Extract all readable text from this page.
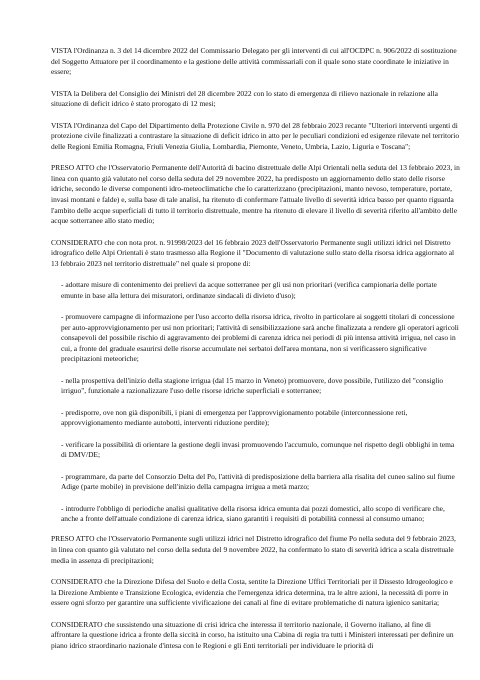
VISTA l'Ordinanza n. 3 del 14 dicembre 2022 del Commissario Delegato per gli interventi di cui all'OCDPC n. 906/2022 di sostituzione del Soggetto Attuatore per il coordinamento e la gestione delle attività commissariali con il quale sono state coordinate le iniziative in essere;

VISTA la Delibera del Consiglio dei Ministri del 28 dicembre 2022 con lo stato di emergenza di rilievo nazionale in relazione alla situazione di deficit idrico è stato prorogato di 12 mesi;

VISTA l'Ordinanza del Capo del Dipartimento della Protezione Civile n. 970 del 28 febbraio 2023 recante "Ulteriori interventi urgenti di protezione civile finalizzati a contrastare la situazione di deficit idrico in atto per le peculiari condizioni ed esigenze rilevate nel territorio delle Regioni Emilia Romagna, Friuli Venezia Giulia, Lombardia, Piemonte, Veneto, Umbria, Lazio, Liguria e Toscana";

PRESO ATTO che l'Osservatorio Permanente dell'Autorità di bacino distrettuale delle Alpi Orientali nella seduta del 13 febbraio 2023, in linea con quanto già valutato nel corso della seduta del 29 novembre 2022, ha predisposto un aggiornamento dello stato delle risorse idriche, secondo le diverse componenti idro-meteoclimatiche che lo caratterizzano (precipitazioni, manto nevoso, temperature, portate, invasi montani e falde) e, sulla base di tale analisi, ha ritenuto di confermare l'attuale livello di severità idrica basso per quanto riguarda l'ambito delle acque superficiali di tutto il territorio distrettuale, mentre ha ritenuto di elevare il livello di severità riferito all'ambito delle acque sotterranee allo stato medio;

CONSIDERATO che con nota prot. n. 91998/2023 del 16 febbraio 2023 dell'Osservatorio Permanente sugli utilizzi idrici nel Distretto idrografico delle Alpi Orientali è stato trasmesso alla Regione il "Documento di valutazione sullo stato della risorsa idrica aggiornato al 13 febbraio 2023 nel territorio distrettuale" nel quale si propone di:

- adottare misure di contenimento dei prelievi da acque sotterranee per gli usi non prioritari (verifica campionaria delle portate emunte in base alla lettura dei misuratori, ordinanze sindacali di divieto d'uso);

- promuovere campagne di informazione per l'uso accorto della risorsa idrica, rivolto in particolare ai soggetti titolari di concessione per auto-approvvigionamento per usi non prioritari; l'attività di sensibilizzazione sarà anche finalizzata a rendere gli operatori agricoli consapevoli del possibile rischio di aggravamento dei problemi di carenza idrica nei periodi di più intensa attività irrigua, nel caso in cui, a fronte del graduale esaurirsi delle risorse accumulate nei serbatoi dell'area montana, non si verificassero significative precipitazioni meteoriche;

- nella prospettiva dell'inizio della stagione irrigua (dal 15 marzo in Veneto) promuovere, dove possibile, l'utilizzo del "consiglio irriguo", funzionale a razionalizzare l'uso delle risorse idriche superficiali e sotterranee;

- predisporre, ove non già disponibili, i piani di emergenza per l'approvvigionamento potabile (interconnessione reti, approvvigionamento mediante autobotti, interventi riduzione perdite);

- verificare la possibilità di orientare la gestione degli invasi promuovendo l'accumulo, comunque nel rispetto degli obblighi in tema di DMV/DE;

- programmare, da parte del Consorzio Delta del Po, l'attività di predisposizione della barriera alla risalita del cuneo salino sul fiume Adige (parte mobile) in previsione dell'inizio della campagna irrigua a metà marzo;

- introdurre l'obbligo di periodiche analisi qualitative della risorsa idrica emunta dai pozzi domestici, allo scopo di verificare che, anche a fronte dell'attuale condizione di carenza idrica, siano garantiti i requisiti di potabilità connessi al consumo umano;

PRESO ATTO che l'Osservatorio Permanente sugli utilizzi idrici nel Distretto idrografico del fiume Po nella seduta del 9 febbraio 2023, in linea con quanto già valutato nel corso della seduta del 9 novembre 2022, ha confermato lo stato di severità idrica a scala distrettuale media in assenza di precipitazioni;

CONSIDERATO che la Direzione Difesa del Suolo e della Costa, sentite la Direzione Uffici Territoriali per il Dissesto Idrogeologico e la Direzione Ambiente e Transizione Ecologica, evidenzia che l'emergenza idrica determina, tra le altre azioni, la necessità di porre in essere ogni sforzo per garantire una sufficiente vivificazione dei canali al fine di evitare problematiche di natura igienico sanitaria;

CONSIDERATO che sussistendo una situazione di crisi idrica che interessa il territorio nazionale, il Governo italiano, al fine di affrontare la questione idrica a fronte della siccità in corso, ha istituito una Cabina di regia tra tutti i Ministeri interessati per definire un piano idrico straordinario nazionale d'intesa con le Regioni e gli Enti territoriali per individuare le priorità di
